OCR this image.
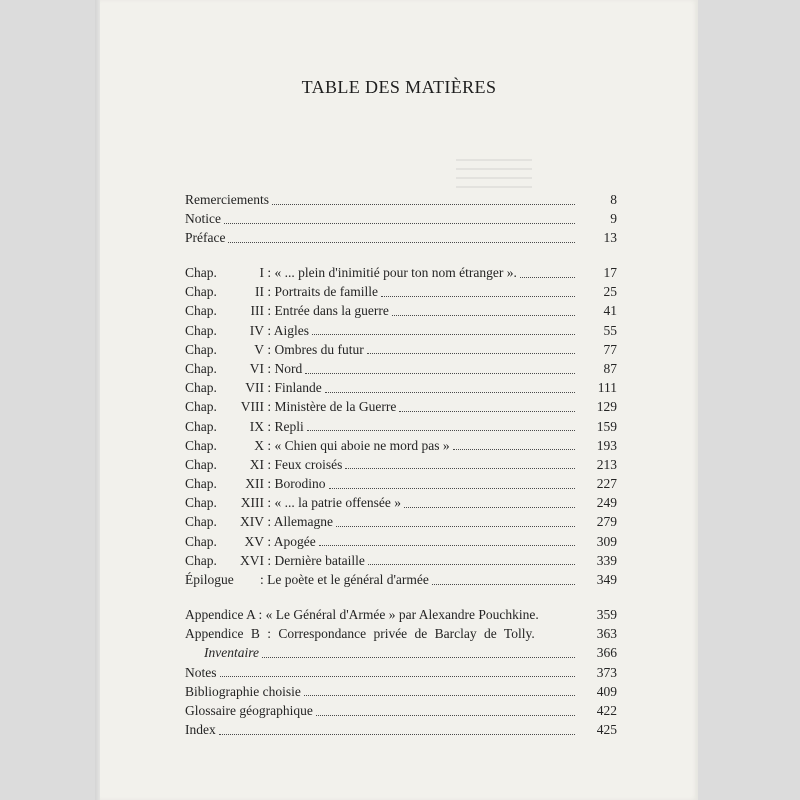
TABLE DES MATIÈRES
Remerciements	8
Notice	9
Préface	13
Chap.	I : « ... plein d'inimitié pour ton nom étranger ».	17
Chap.	II : Portraits de famille	25
Chap. III : Entrée dans la guerre	41
Chap. IV : Aigles	55
Chap.	V : Ombres du futur	77
Chap. VI : Nord	87
Chap. VII : Finlande	111
Chap. VIII : Ministère de la Guerre	129
Chap. IX : Repli	159
Chap.	X : « Chien qui aboie ne mord pas »	193
Chap. XI : Feux croisés	213
Chap. XII : Borodino	227
Chap. XIII : « ... la patrie offensée »	249
Chap. XIV : Allemagne	279
Chap. XV : Apogée	309
Chap. XVI : Dernière bataille	339
Épilogue : Le poète et le général d'armée	349
Appendice A : « Le Général d'Armée » par Alexandre Pouchkine.	359
Appendice B : Correspondance privée de Barclay de Tolly.	363
Inventaire	366
Notes	373
Bibliographie choisie	409
Glossaire géographique	422
Index	425
